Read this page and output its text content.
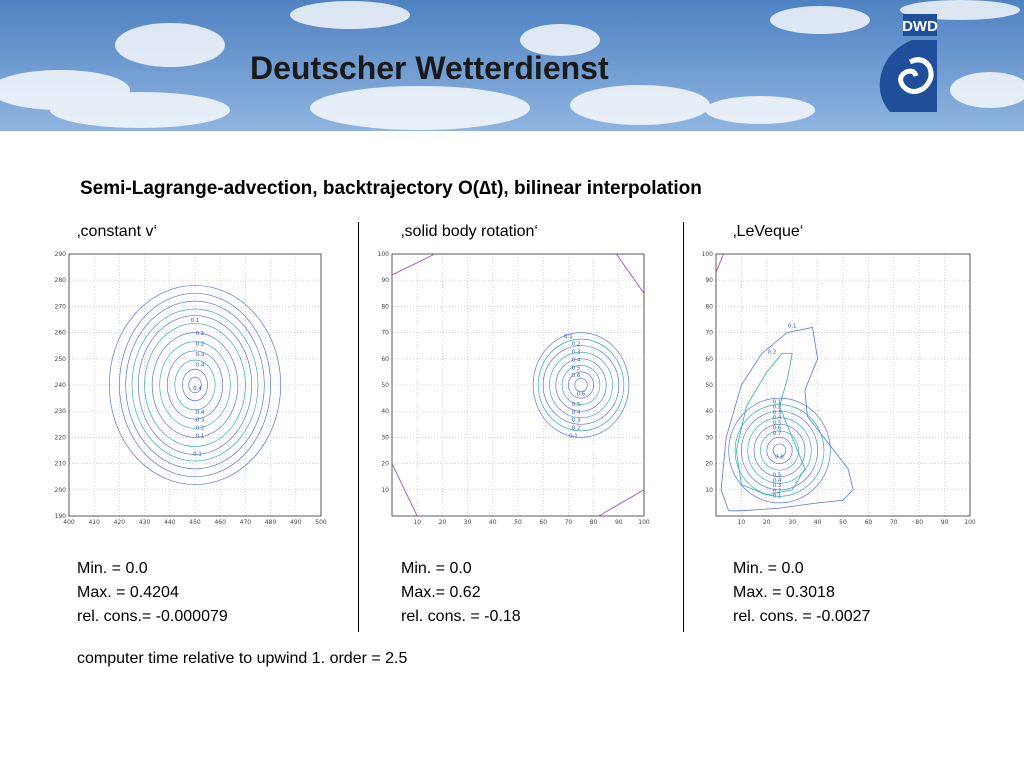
Deutscher Wetterdienst
DWD
Semi-Lagrange-advection, backtrajectory O(∆t), bilinear interpolation
‚constant v‘	‚solid body rotation‘	‚LeVeque‘
400 410 420 430 440 450 460 470 480 490 500
190
200
210
220
230
240
250
260
270
280
290
0.1
0.1
0.2
0.3
0.4
0.4
0.4
0.3
0.2
0.1
0.1
10	20	30	40	50	60	70	80	90	100
10
20
30
40
50
60
70
80
90
100
0.1
0.2
0.3
0.4
0.5
0.6
0.6
0.5
0.4
0.3
0.2
0.1
10	20	30	40	50	60	70	80	90	100
10
20
30
40
50
60
70
80
90
100
0.1
0.2
0.1
0.2
0.3
0.4
0.5
0.6
0.7
0.8
0.5
0.4
0.3
0.2
0.1
Min. = 0.0
Max. = 0.4204
rel. cons.= -0.000079
Min. = 0.0
Max.= 0.62
rel. cons. = -0.18
Min. = 0.0
Max. = 0.3018
rel. cons. = -0.0027
computer time relative to upwind 1. order = 2.5
